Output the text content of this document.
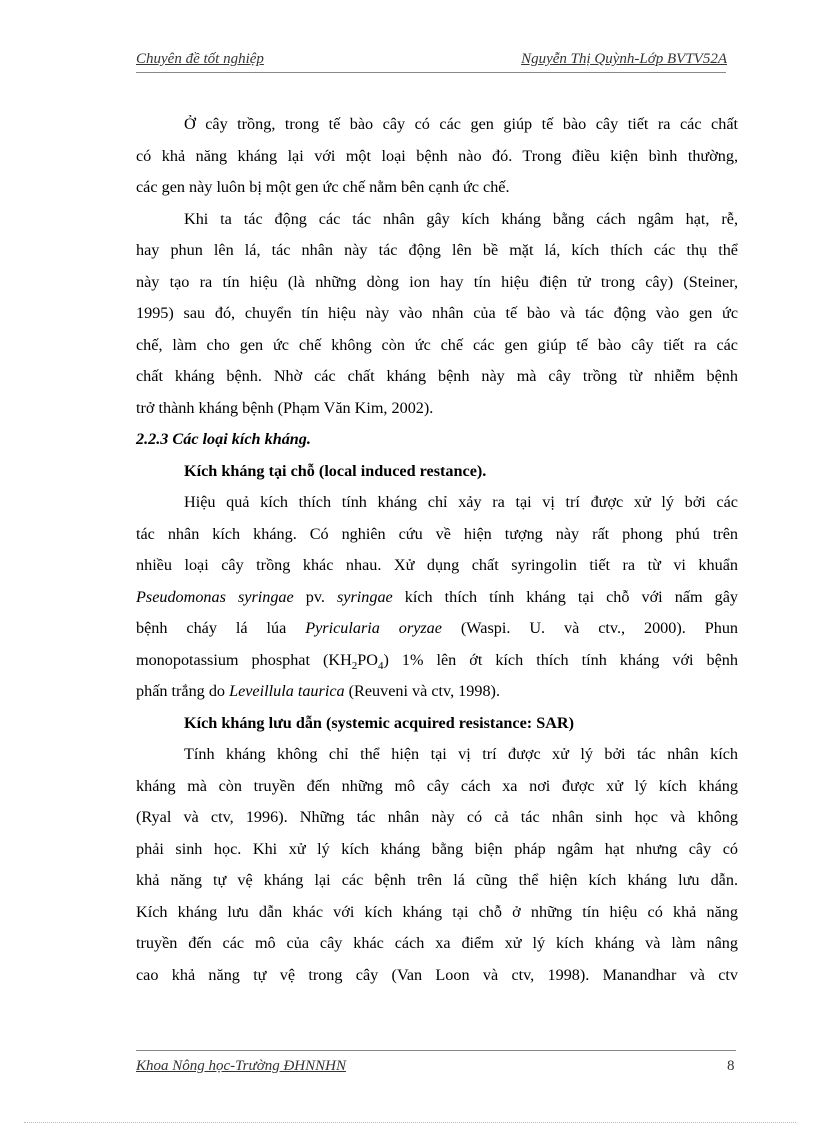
Chuyên đề tốt nghiệp	Nguyễn Thị Quỳnh-Lớp BVTV52A
Ở cây trồng, trong tế bào cây có các gen giúp tế bào cây tiết ra các chất
có khả năng kháng lại với một loại bệnh nào đó. Trong điều kiện bình thường,
các gen này luôn bị một gen ức chế nằm bên cạnh ức chế.
Khi ta tác động các tác nhân gây kích kháng bằng cách ngâm hạt, rễ,
hay phun lên lá, tác nhân này tác động lên bề mặt lá, kích thích các thụ thể
này tạo ra tín hiệu (là những dòng ion hay tín hiệu điện tử trong cây) (Steiner,
1995) sau đó, chuyển tín hiệu này vào nhân của tế bào và tác động vào gen ức
chế, làm cho gen ức chế không còn ức chế các gen giúp tế bào cây tiết ra các
chất kháng bệnh. Nhờ các chất kháng bệnh này mà cây trồng từ nhiễm bệnh
trở thành kháng bệnh (Phạm Văn Kim, 2002).
2.2.3 Các loại kích kháng.
Kích kháng tại chỗ (local induced restance).
Hiệu quả kích thích tính kháng chỉ xảy ra tại vị trí được xử lý bởi các
tác nhân kích kháng. Có nghiên cứu về hiện tượng này rất phong phú trên
nhiều loại cây trồng khác nhau. Xử dụng chất syringolin tiết ra từ vi khuẩn
Pseudomonas syringae pv. syringae kích thích tính kháng tại chỗ với nấm gây
bệnh cháy lá lúa Pyricularia oryzae (Waspi. U. và ctv., 2000). Phun
monopotassium phosphat $(KH_2PO_4)$ 1% lên ớt kích thích tính kháng với bệnh
phấn trắng do Leveillula taurica (Reuveni và ctv, 1998).
Kích kháng lưu dẫn (systemic acquired resistance: SAR)
Tính kháng không chỉ thể hiện tại vị trí được xử lý bởi tác nhân kích
kháng mà còn truyền đến những mô cây cách xa nơi được xử lý kích kháng
(Ryal và ctv, 1996). Những tác nhân này có cả tác nhân sinh học và không
phải sinh học. Khi xử lý kích kháng bằng biện pháp ngâm hạt nhưng cây có
khả năng tự vệ kháng lại các bệnh trên lá cũng thể hiện kích kháng lưu dẫn.
Kích kháng lưu dẫn khác với kích kháng tại chỗ ở những tín hiệu có khả năng
truyền đến các mô của cây khác cách xa điểm xử lý kích kháng và làm nâng
cao khả năng tự vệ trong cây (Van Loon và ctv, 1998). Manandhar và ctv
Khoa Nông học-Trường ĐHNNHN	8
